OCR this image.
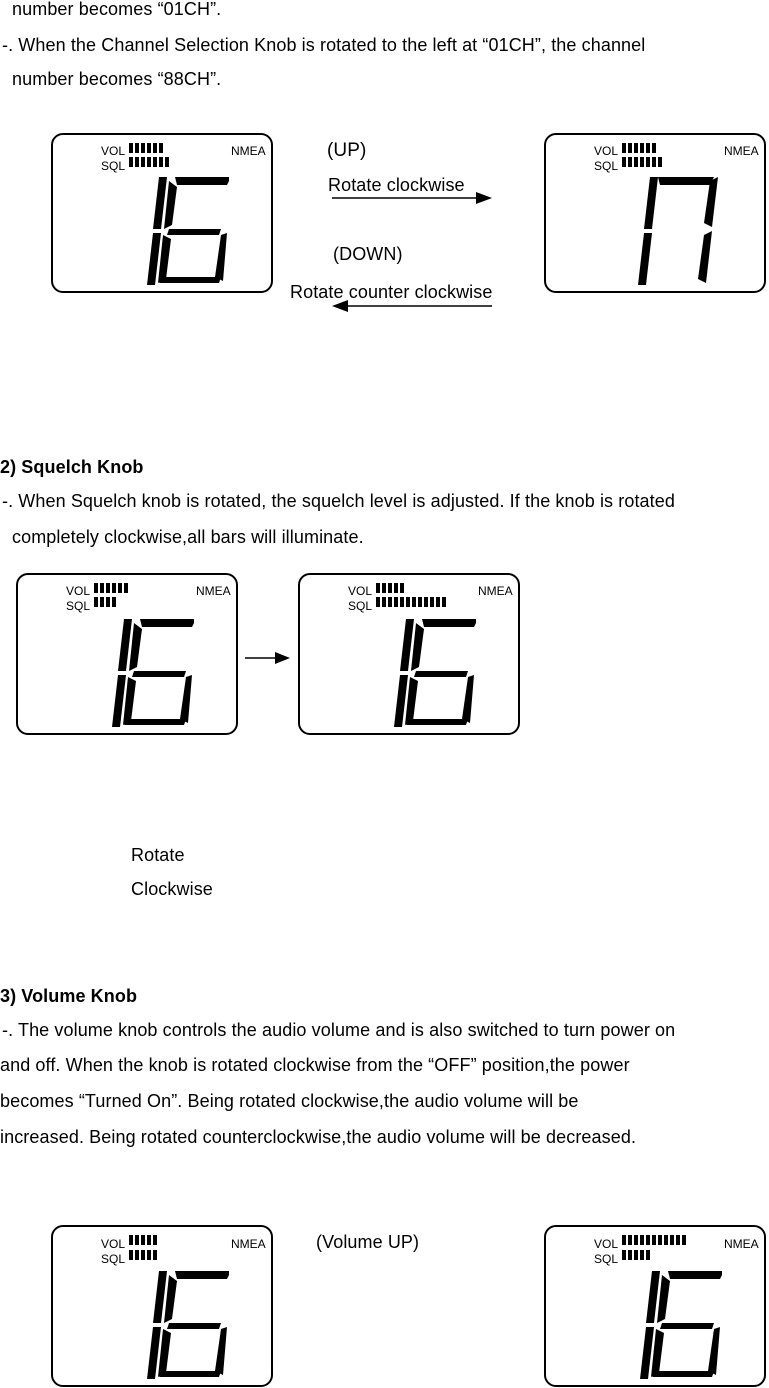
number becomes “01CH”.
-. When the Channel Selection Knob is rotated to the left at “01CH”, the channel
number becomes “88CH”.
VOL
SQL
NMEA	(UP)
Rotate clockwise
VOL
SQL
NMEA
(DOWN)
Rotate counter clockwise
2) Squelch Knob
-. When Squelch knob is rotated, the squelch level is adjusted. If the knob is rotated
completely clockwise,all bars will illuminate.
VOL
SQL
NMEA	VOL
SQL
NMEA
Rotate
Clockwise
3) Volume Knob
-. The volume knob controls the audio volume and is also switched to turn power on
and off. When the knob is rotated clockwise from the “OFF” position,the power
becomes “Turned On”. Being rotated clockwise,the audio volume will be
increased. Being rotated counterclockwise,the audio volume will be decreased.
VOL
SQL
NMEA	(Volume UP)	VOL
SQL
NMEA
